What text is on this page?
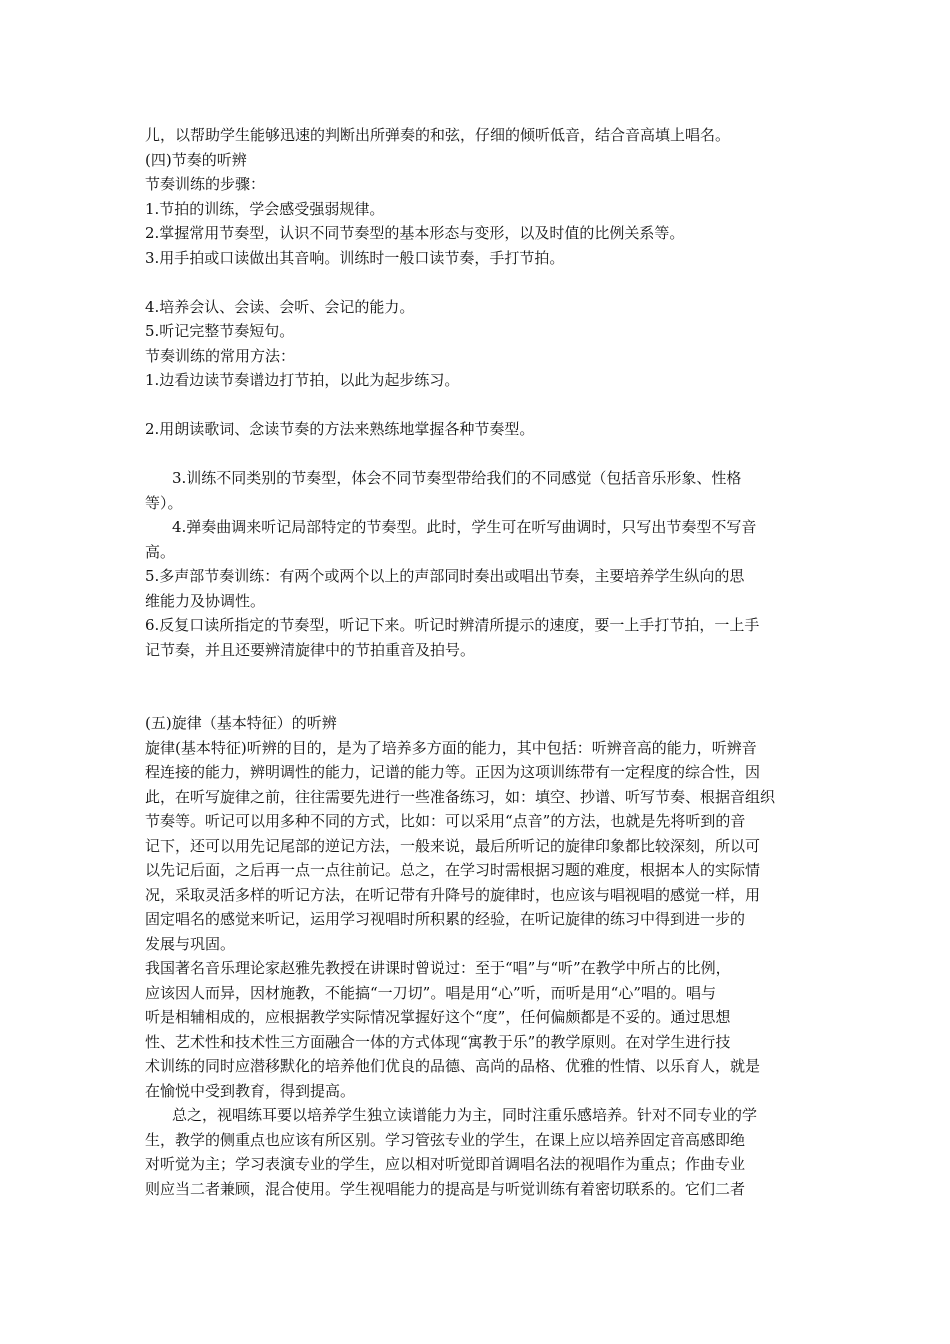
儿，以帮助学生能够迅速的判断出所弹奏的和弦，仔细的倾听低音，结合音高填上唱名。

(四)节奏的听辨

节奏训练的步骤：

1.节拍的训练，学会感受强弱规律。

2.掌握常用节奏型，认识不同节奏型的基本形态与变形，以及时值的比例关系等。

3.用手拍或口读做出其音响。训练时一般口读节奏，手打节拍。

4.培养会认、会读、会听、会记的能力。

5.听记完整节奏短句。

节奏训练的常用方法：

1.边看边读节奏谱边打节拍，以此为起步练习。

2.用朗读歌词、念读节奏的方法来熟练地掌握各种节奏型。

3.训练不同类别的节奏型，体会不同节奏型带给我们的不同感觉（包括音乐形象、性格
等）。

4.弹奏曲调来听记局部特定的节奏型。此时，学生可在听写曲调时，只写出节奏型不写音
高。

5.多声部节奏训练：有两个或两个以上的声部同时奏出或唱出节奏，主要培养学生纵向的思
维能力及协调性。

6.反复口读所指定的节奏型，听记下来。听记时辨清所提示的速度，要一上手打节拍，一上手
记节奏，并且还要辨清旋律中的节拍重音及拍号。

(五)旋律（基本特征）的听辨

旋律(基本特征)听辨的目的，是为了培养多方面的能力，其中包括：听辨音高的能力，听辨音
程连接的能力，辨明调性的能力，记谱的能力等。正因为这项训练带有一定程度的综合性，因
此，在听写旋律之前，往往需要先进行一些准备练习，如：填空、抄谱、听写节奏、根据音组织
节奏等。听记可以用多种不同的方式，比如：可以采用“点音”的方法，也就是先将听到的音
记下，还可以用先记尾部的逆记方法，一般来说，最后所听记的旋律印象都比较深刻，所以可
以先记后面，之后再一点一点往前记。总之，在学习时需根据习题的难度，根据本人的实际情
况，采取灵活多样的听记方法，在听记带有升降号的旋律时，也应该与唱视唱的感觉一样，用
固定唱名的感觉来听记，运用学习视唱时所积累的经验，在听记旋律的练习中得到进一步的
发展与巩固。

我国著名音乐理论家赵雅先教授在讲课时曾说过：至于“唱”与“听”在教学中所占的比例，
应该因人而异，因材施教，不能搞“一刀切”。唱是用“心”听，而听是用“心”唱的。唱与
听是相辅相成的，应根据教学实际情况掌握好这个“度”，任何偏颇都是不妥的。通过思想
性、艺术性和技术性三方面融合一体的方式体现“寓教于乐”的教学原则。在对学生进行技
术训练的同时应潜移默化的培养他们优良的品德、高尚的品格、优雅的性情、以乐育人，就是
在愉悦中受到教育，得到提高。

总之，视唱练耳要以培养学生独立读谱能力为主，同时注重乐感培养。针对不同专业的学
生，教学的侧重点也应该有所区别。学习管弦专业的学生，在课上应以培养固定音高感即绝
对听觉为主；学习表演专业的学生，应以相对听觉即首调唱名法的视唱作为重点；作曲专业
则应当二者兼顾，混合使用。学生视唱能力的提高是与听觉训练有着密切联系的。它们二者
